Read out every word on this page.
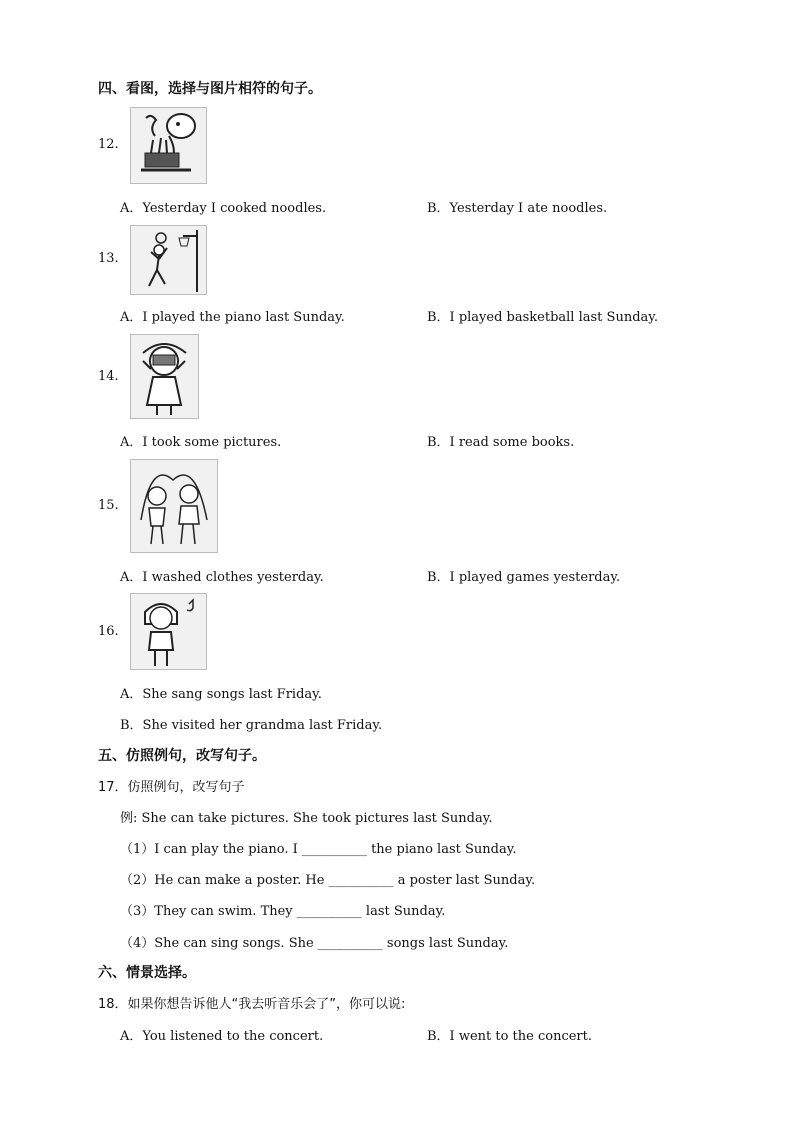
四、看图，选择与图片相符的句子。
12.
A．Yesterday I cooked noodles.	B．Yesterday I ate noodles.
13.
A．I played the piano last Sunday.	B．I played basketball last Sunday.
14.
A．I took some pictures.	B．I read some books.
15.
A．I washed clothes yesterday.	B．I played games yesterday.
16.
A．She sang songs last Friday.
B．She visited her grandma last Friday.
五、仿照例句，改写句子。
17．仿照例句，改写句子
例: She can take pictures. She took pictures last Sunday.
（1）I can play the piano. I __________ the piano last Sunday.
（2）He can make a poster. He __________ a poster last Sunday.
（3）They can swim. They __________ last Sunday.
（4）She can sing songs. She __________ songs last Sunday.
六、情景选择。
18．如果你想告诉他人“我去听音乐会了”，你可以说:
A．You listened to the concert.	B．I went to the concert.
